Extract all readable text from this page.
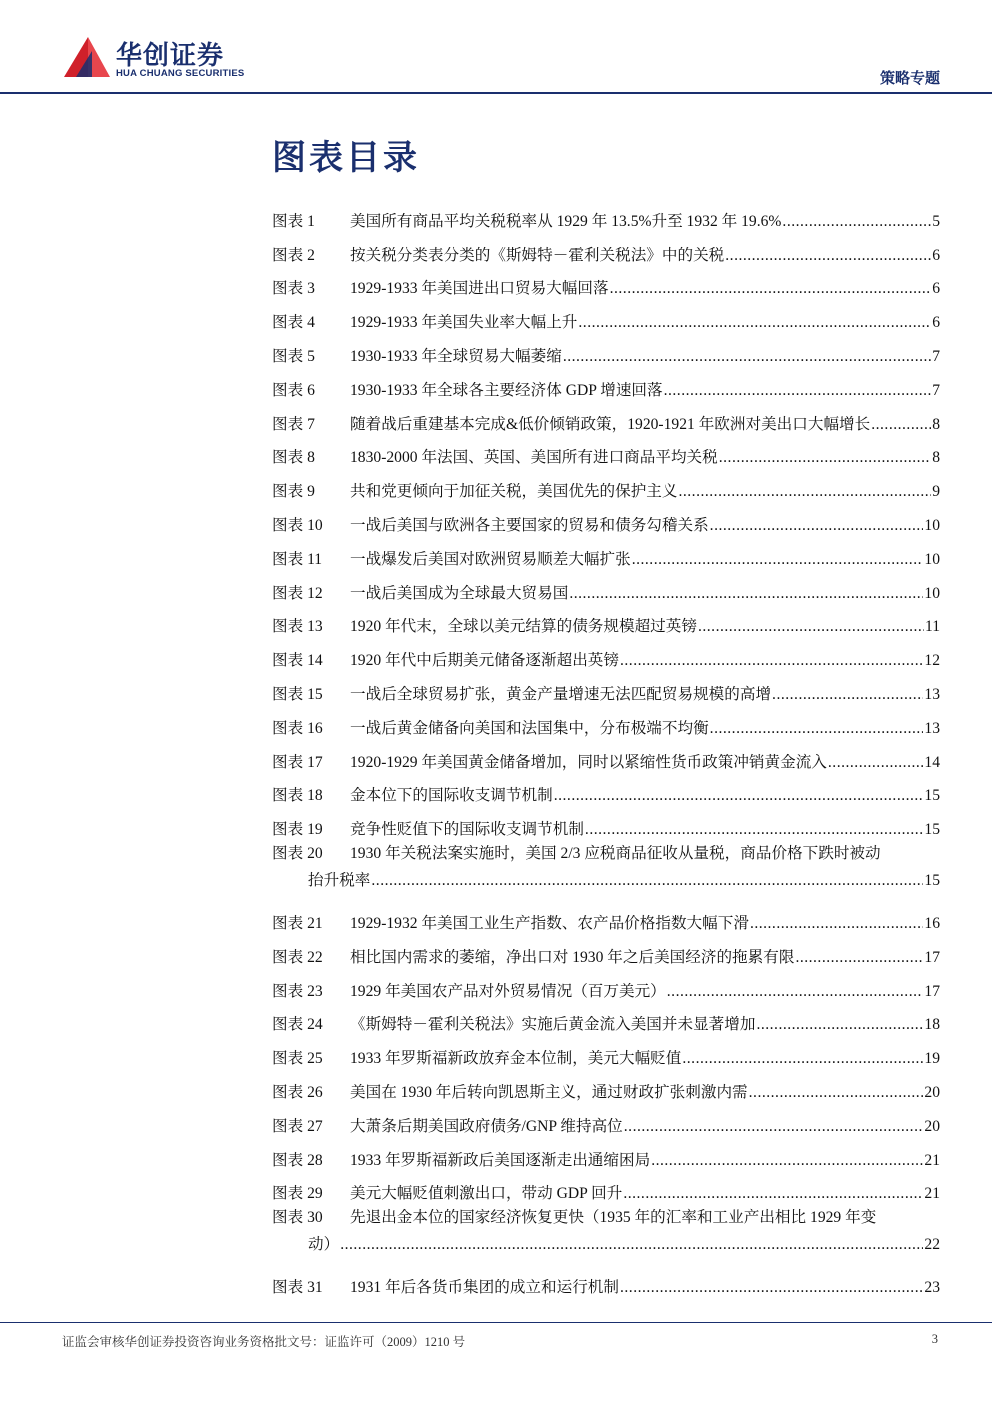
华创证券
HUA CHUANG SECURITIES	策略专题
图表目录
图表 1	美国所有商品平均关税税率从 1929 年 13.5%升至 1932 年 19.6% .....	5
图表 2	按关税分类表分类的《斯姆特－霍利关税法》中的关税 .....	6
图表 3	1929-1933 年美国进出口贸易大幅回落 .....	6
图表 4	1929-1933 年美国失业率大幅上升 .....	6
图表 5	1930-1933 年全球贸易大幅萎缩 .....	7
图表 6	1930-1933 年全球各主要经济体 GDP 增速回落 .....	7
图表 7	随着战后重建基本完成&低价倾销政策，1920-1921 年欧洲对美出口大幅增长 .....	8
图表 8	1830-2000 年法国、英国、美国所有进口商品平均关税 .....	8
图表 9	共和党更倾向于加征关税，美国优先的保护主义 .....	9
图表 10	一战后美国与欧洲各主要国家的贸易和债务勾稽关系 .....	10
图表 11	一战爆发后美国对欧洲贸易顺差大幅扩张 .....	10
图表 12	一战后美国成为全球最大贸易国 .....	10
图表 13	1920 年代末，全球以美元结算的债务规模超过英镑 .....	11
图表 14	1920 年代中后期美元储备逐渐超出英镑 .....	12
图表 15	一战后全球贸易扩张，黄金产量增速无法匹配贸易规模的高增 .....	13
图表 16	一战后黄金储备向美国和法国集中，分布极端不均衡 .....	13
图表 17	1920-1929 年美国黄金储备增加，同时以紧缩性货币政策冲销黄金流入 .....	14
图表 18	金本位下的国际收支调节机制 .....	15
图表 19	竞争性贬值下的国际收支调节机制 .....	15
图表 20	1930 年关税法案实施时，美国 2/3 应税商品征收从量税，商品价格下跌时被动
抬升税率 .....	15
图表 21	1929-1932 年美国工业生产指数、农产品价格指数大幅下滑 .....	16
图表 22	相比国内需求的萎缩，净出口对 1930 年之后美国经济的拖累有限 .....	17
图表 23	1929 年美国农产品对外贸易情况（百万美元） .....	17
图表 24	《斯姆特－霍利关税法》实施后黄金流入美国并未显著增加 .....	18
图表 25	1933 年罗斯福新政放弃金本位制，美元大幅贬值 .....	19
图表 26	美国在 1930 年后转向凯恩斯主义，通过财政扩张刺激内需 .....	20
图表 27	大萧条后期美国政府债务/GNP 维持高位 .....	20
图表 28	1933 年罗斯福新政后美国逐渐走出通缩困局 .....	21
图表 29	美元大幅贬值刺激出口，带动 GDP 回升 .....	21
图表 30	先退出金本位的国家经济恢复更快（1935 年的汇率和工业产出相比 1929 年变
动） .....	22
图表 31	1931 年后各货币集团的成立和运行机制 .....	23
证监会审核华创证券投资咨询业务资格批文号：证监许可（2009）1210 号	3
